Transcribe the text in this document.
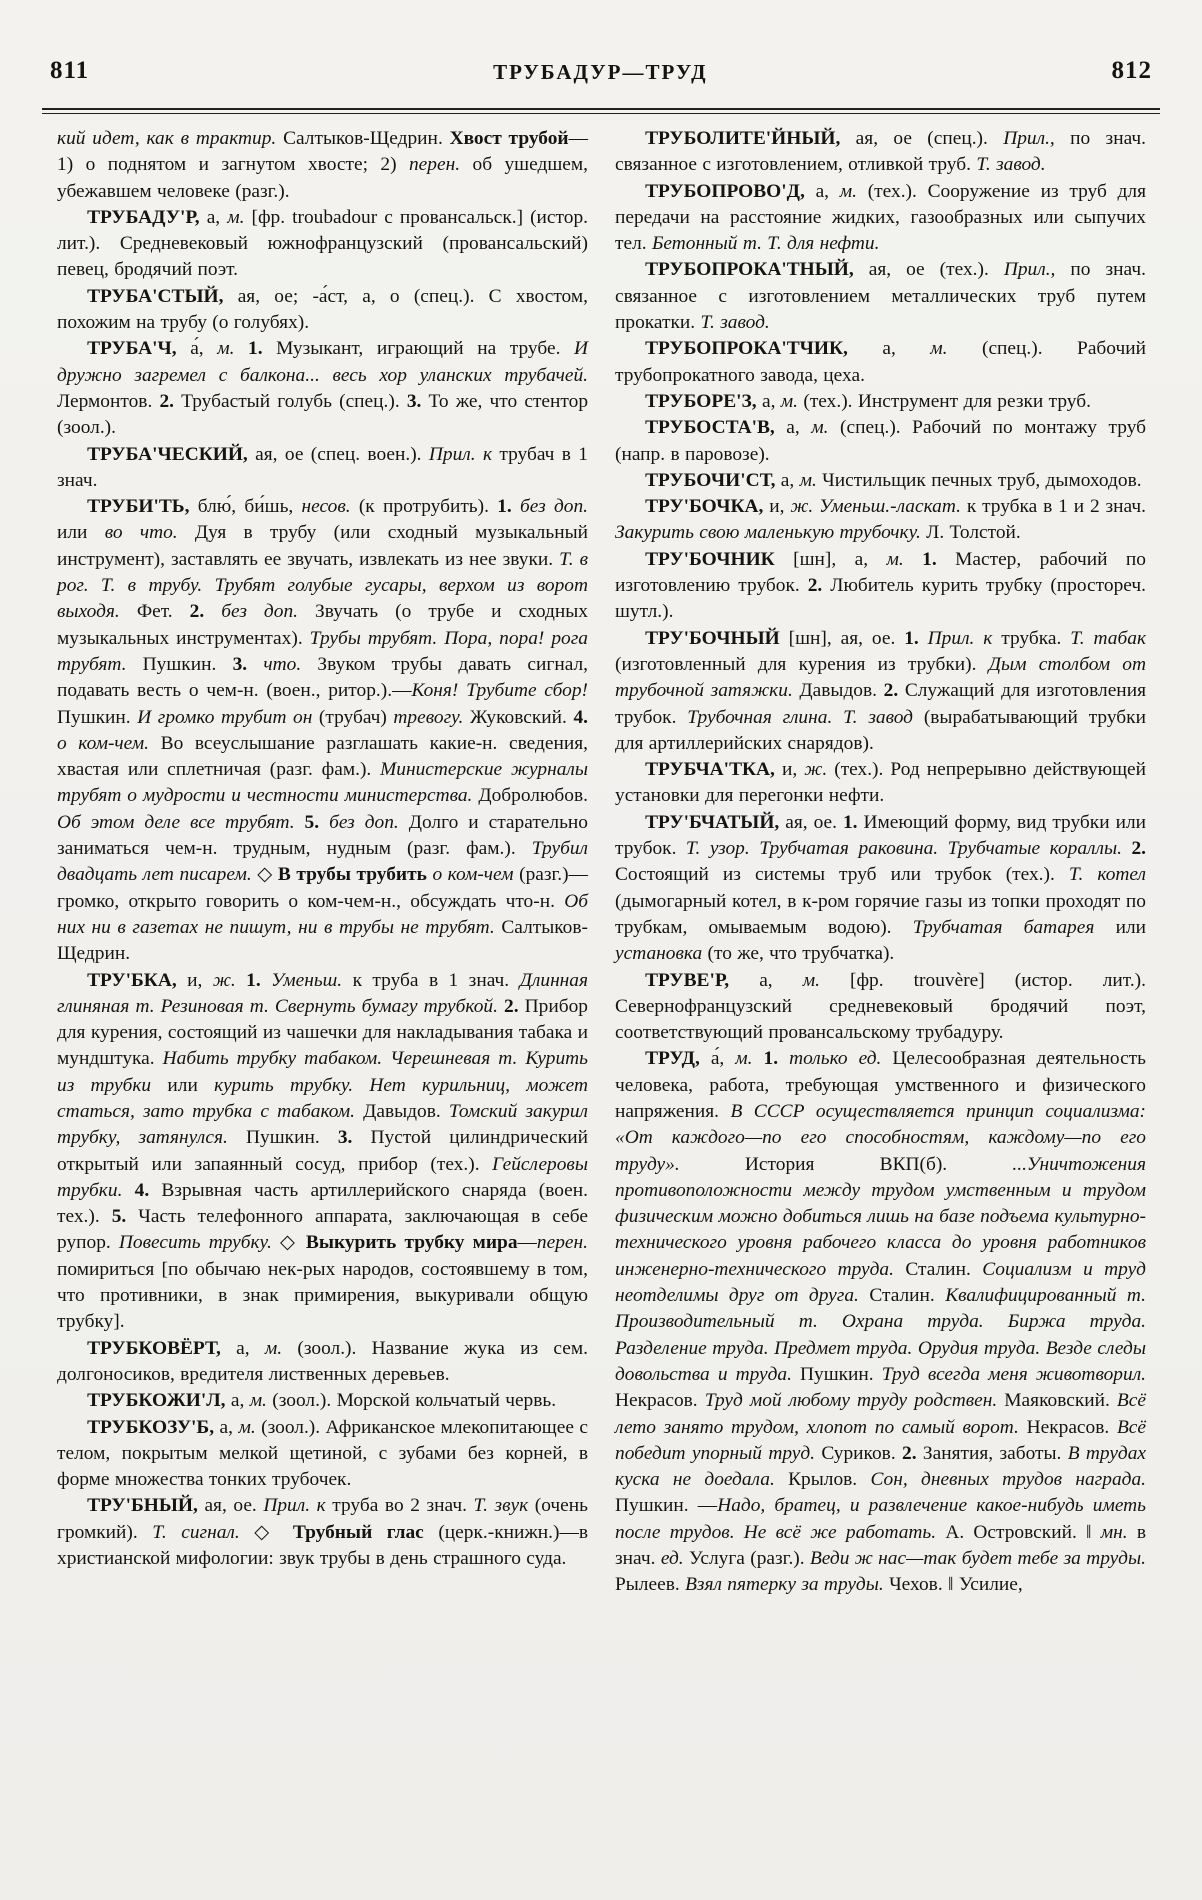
811	ТРУБАДУР—ТРУД	812

кий идет, как в трактир. Салтыков-Щедрин. Хвост трубой—1) о поднятом и загнутом хвосте; 2) перен. об ушедшем, убежавшем человеке (разг.).

ТРУБАДУ'Р, а, м. [фр. troubadour с провансальск.] (истор. лит.). Средневековый южнофранцузский (провансальский) певец, бродячий поэт.

ТРУБА'СТЫЙ, ая, ое; -а́ст, а, о (спец.). С хвостом, похожим на трубу (о голубях).

ТРУБА'Ч, а́, м. 1. Музыкант, играющий на трубе. И дружно загремел с балкона... весь хор уланских трубачей. Лермонтов. 2. Трубастый голубь (спец.). 3. То же, что стентор (зоол.).

ТРУБА'ЧЕСКИЙ, ая, ое (спец. воен.). Прил. к трубач в 1 знач.

ТРУБИ'ТЬ, блю́, би́шь, несов. (к протрубить). 1. без доп. или во что. Дуя в трубу (или сходный музыкальный инструмент), заставлять ее звучать, извлекать из нее звуки. Т. в рог. Т. в трубу. Трубят голубые гусары, верхом из ворот выходя. Фет. 2. без доп. Звучать (о трубе и сходных музыкальных инструментах). Трубы трубят. Пора, пора! рога трубят. Пушкин. 3. что. Звуком трубы давать сигнал, подавать весть о чем-н. (воен., ритор.).—Коня! Трубите сбор! Пушкин. И громко трубит он (трубач) тревогу. Жуковский. 4. о ком-чем. Во всеуслышание разглашать какие-н. сведения, хвастая или сплетничая (разг. фам.). Министерские журналы трубят о мудрости и честности министерства. Добролюбов. Об этом деле все трубят. 5. без доп. Долго и старательно заниматься чем-н. трудным, нудным (разг. фам.). Трубил двадцать лет писарем. ◇ В трубы трубить о ком-чем (разг.)—громко, открыто говорить о ком-чем-н., обсуждать что-н. Об них ни в газетах не пишут, ни в трубы не трубят. Салтыков-Щедрин.

ТРУ'БКА, и, ж. 1. Уменьш. к труба в 1 знач. Длинная глиняная т. Резиновая т. Свернуть бумагу трубкой. 2. Прибор для курения, состоящий из чашечки для накладывания табака и мундштука. Набить трубку табаком. Черешневая т. Курить из трубки или курить трубку. Нет курильниц, может статься, зато трубка с табаком. Давыдов. Томский закурил трубку, затянулся. Пушкин. 3. Пустой цилиндрический открытый или запаянный сосуд, прибор (тех.). Гейслеровы трубки. 4. Взрывная часть артиллерийского снаряда (воен. тех.). 5. Часть телефонного аппарата, заключающая в себе рупор. Повесить трубку. ◇ Выкурить трубку мира—перен. помириться [по обычаю нек-рых народов, состоявшему в том, что противники, в знак примирения, выкуривали общую трубку].

ТРУБКОВЁРТ, а, м. (зоол.). Название жука из сем. долгоносиков, вредителя лиственных деревьев.

ТРУБКОЖИ'Л, а, м. (зоол.). Морской кольчатый червь.

ТРУБКОЗУ'Б, а, м. (зоол.). Африканское млекопитающее с телом, покрытым мелкой щетиной, с зубами без корней, в форме множества тонких трубочек.

ТРУ'БНЫЙ, ая, ое. Прил. к труба во 2 знач. Т. звук (очень громкий). Т. сигнал. ◇ Трубный глас (церк.-книжн.)—в христианской мифологии: звук трубы в день страшного суда.

ТРУБОЛИТЕ'ЙНЫЙ, ая, ое (спец.). Прил., по знач. связанное с изготовлением, отливкой труб. Т. завод.

ТРУБОПРОВО'Д, а, м. (тех.). Сооружение из труб для передачи на расстояние жидких, газообразных или сыпучих тел. Бетонный т. Т. для нефти.

ТРУБОПРОКА'ТНЫЙ, ая, ое (тех.). Прил., по знач. связанное с изготовлением металлических труб путем прокатки. Т. завод.

ТРУБОПРОКА'ТЧИК, а, м. (спец.). Рабочий трубопрокатного завода, цеха.

ТРУБОРЕ'З, а, м. (тех.). Инструмент для резки труб.

ТРУБОСТА'В, а, м. (спец.). Рабочий по монтажу труб (напр. в паровозе).

ТРУБОЧИ'СТ, а, м. Чистильщик печных труб, дымоходов.

ТРУ'БОЧКА, и, ж. Уменьш.-ласкат. к трубка в 1 и 2 знач. Закурить свою маленькую трубочку. Л. Толстой.

ТРУ'БОЧНИК [шн], а, м. 1. Мастер, рабочий по изготовлению трубок. 2. Любитель курить трубку (простореч. шутл.).

ТРУ'БОЧНЫЙ [шн], ая, ое. 1. Прил. к трубка. Т. табак (изготовленный для курения из трубки). Дым столбом от трубочной затяжки. Давыдов. 2. Служащий для изготовления трубок. Трубочная глина. Т. завод (вырабатывающий трубки для артиллерийских снарядов).

ТРУБЧА'ТКА, и, ж. (тех.). Род непрерывно действующей установки для перегонки нефти.

ТРУ'БЧАТЫЙ, ая, ое. 1. Имеющий форму, вид трубки или трубок. Т. узор. Трубчатая раковина. Трубчатые кораллы. 2. Состоящий из системы труб или трубок (тех.). Т. котел (дымогарный котел, в к-ром горячие газы из топки проходят по трубкам, омываемым водою). Трубчатая батарея или установка (то же, что трубчатка).

ТРУВЕ'Р, а, м. [фр. trouvère] (истор. лит.). Севернофранцузский средневековый бродячий поэт, соответствующий провансальскому трубадуру.

ТРУД, а́, м. 1. только ед. Целесообразная деятельность человека, работа, требующая умственного и физического напряжения. В СССР осуществляется принцип социализма: «От каждого—по его способностям, каждому—по его труду». История ВКП(б). ...Уничтожения противоположности между трудом умственным и трудом физическим можно добиться лишь на базе подъема культурно-технического уровня рабочего класса до уровня работников инженерно-технического труда. Сталин. Социализм и труд неотделимы друг от друга. Сталин. Квалифицированный т. Производительный т. Охрана труда. Биржа труда. Разделение труда. Предмет труда. Орудия труда. Везде следы довольства и труда. Пушкин. Труд всегда меня животворил. Некрасов. Труд мой любому труду родствен. Маяковский. Всё лето занято трудом, хлопот по самый ворот. Некрасов. Всё победит упорный труд. Суриков. 2. Занятия, заботы. В трудах куска не доедала. Крылов. Сон, дневных трудов награда. Пушкин. —Надо, братец, и развлечение какое-нибудь иметь после трудов. Не всё же работать. А. Островский. ‖ мн. в знач. ед. Услуга (разг.). Веди ж нас—так будет тебе за труды. Рылеев. Взял пятерку за труды. Чехов. ‖ Усилие,
